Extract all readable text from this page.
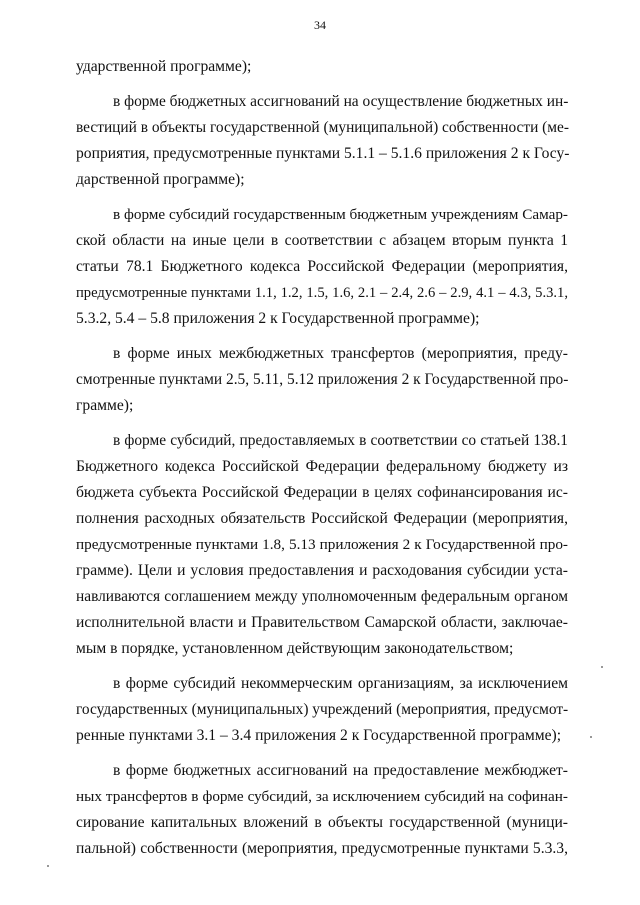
34
ударственной программе);
в форме бюджетных ассигнований на осуществление бюджетных ин-
вестиций в объекты государственной (муниципальной) собственности (ме-
роприятия, предусмотренные пунктами 5.1.1 – 5.1.6 приложения 2 к Госу-
дарственной программе);
в форме субсидий государственным бюджетным учреждениям Самар-
ской области на иные цели в соответствии с абзацем вторым пункта 1
статьи 78.1 Бюджетного кодекса Российской Федерации (мероприятия,
предусмотренные пунктами 1.1, 1.2, 1.5, 1.6, 2.1 – 2.4, 2.6 – 2.9, 4.1 – 4.3, 5.3.1,
5.3.2, 5.4 – 5.8 приложения 2 к Государственной программе);
в форме иных межбюджетных трансфертов (мероприятия, преду-
смотренные пунктами 2.5, 5.11, 5.12 приложения 2 к Государственной про-
грамме);
в форме субсидий, предоставляемых в соответствии со статьей 138.1
Бюджетного кодекса Российской Федерации федеральному бюджету из
бюджета субъекта Российской Федерации в целях софинансирования ис-
полнения расходных обязательств Российской Федерации (мероприятия,
предусмотренные пунктами 1.8, 5.13 приложения 2 к Государственной про-
грамме). Цели и условия предоставления и расходования субсидии уста-
навливаются соглашением между уполномоченным федеральным органом
исполнительной власти и Правительством Самарской области, заключае-
мым в порядке, установленном действующим законодательством;
в форме субсидий некоммерческим организациям, за исключением
государственных (муниципальных) учреждений (мероприятия, предусмот-
ренные пунктами 3.1 – 3.4 приложения 2 к Государственной программе);
в форме бюджетных ассигнований на предоставление межбюджет-
ных трансфертов в форме субсидий, за исключением субсидий на софинан-
сирование капитальных вложений в объекты государственной (муници-
пальной) собственности (мероприятия, предусмотренные пунктами 5.3.3,
